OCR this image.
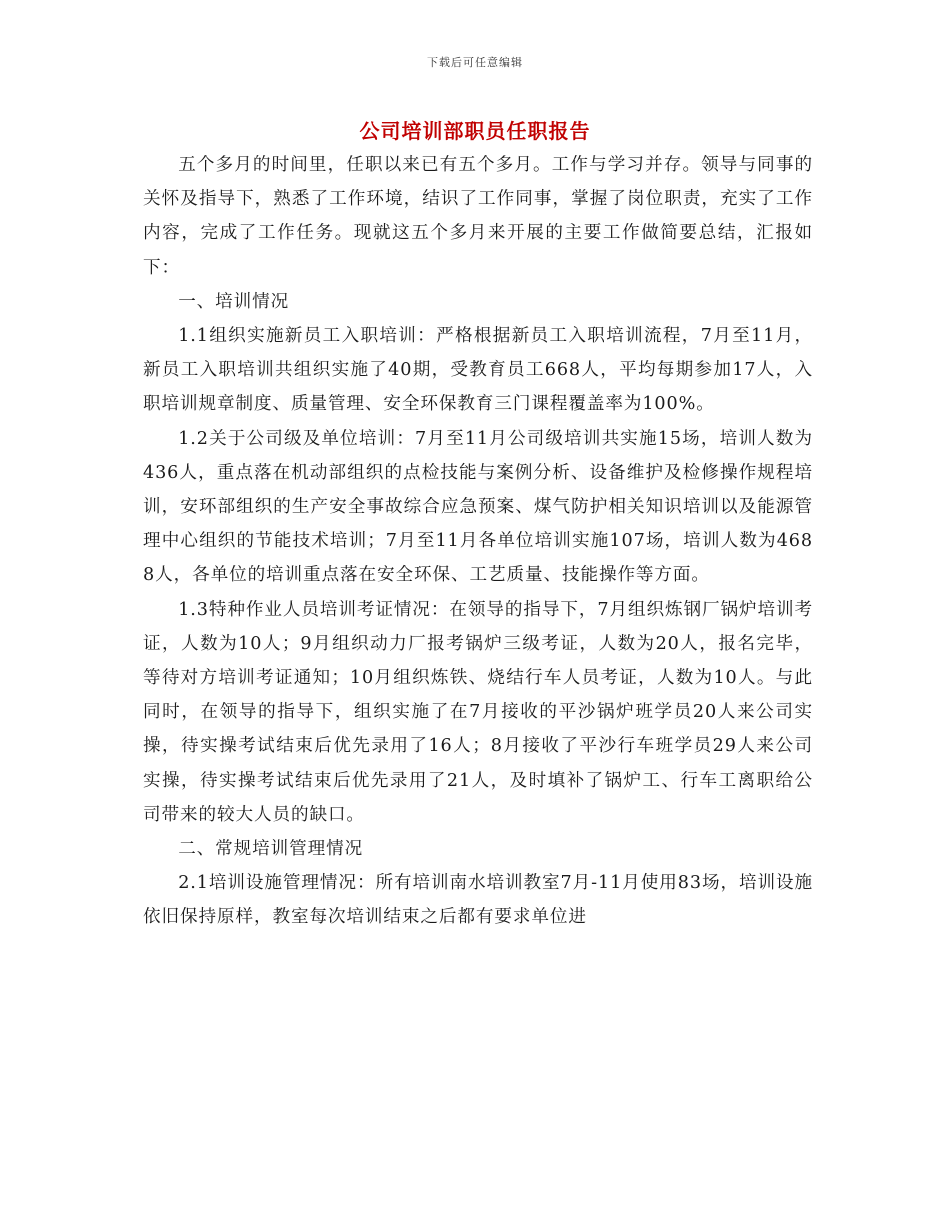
下载后可任意编辑
公司培训部职员任职报告

五个多月的时间里，任职以来已有五个多月。工作与学习并存。领导与同事的关怀及指导下，熟悉了工作环境，结识了工作同事，掌握了岗位职责，充实了工作内容，完成了工作任务。现就这五个多月来开展的主要工作做简要总结，汇报如下：

一、培训情况

1.1组织实施新员工入职培训：严格根据新员工入职培训流程，7月至11月，新员工入职培训共组织实施了40期，受教育员工668人，平均每期参加17人，入职培训规章制度、质量管理、安全环保教育三门课程覆盖率为100%。

1.2关于公司级及单位培训：7月至11月公司级培训共实施15场，培训人数为436人，重点落在机动部组织的点检技能与案例分析、设备维护及检修操作规程培训，安环部组织的生产安全事故综合应急预案、煤气防护相关知识培训以及能源管理中心组织的节能技术培训；7月至11月各单位培训实施107场，培训人数为4688人，各单位的培训重点落在安全环保、工艺质量、技能操作等方面。

1.3特种作业人员培训考证情况：在领导的指导下，7月组织炼钢厂锅炉培训考证，人数为10人；9月组织动力厂报考锅炉三级考证，人数为20人，报名完毕，等待对方培训考证通知；10月组织炼铁、烧结行车人员考证，人数为10人。与此同时，在领导的指导下，组织实施了在7月接收的平沙锅炉班学员20人来公司实操，待实操考试结束后优先录用了16人；8月接收了平沙行车班学员29人来公司实操，待实操考试结束后优先录用了21人，及时填补了锅炉工、行车工离职给公司带来的较大人员的缺口。

二、常规培训管理情况

2.1培训设施管理情况：所有培训南水培训教室7月-11月使用83场，培训设施依旧保持原样，教室每次培训结束之后都有要求单位进
